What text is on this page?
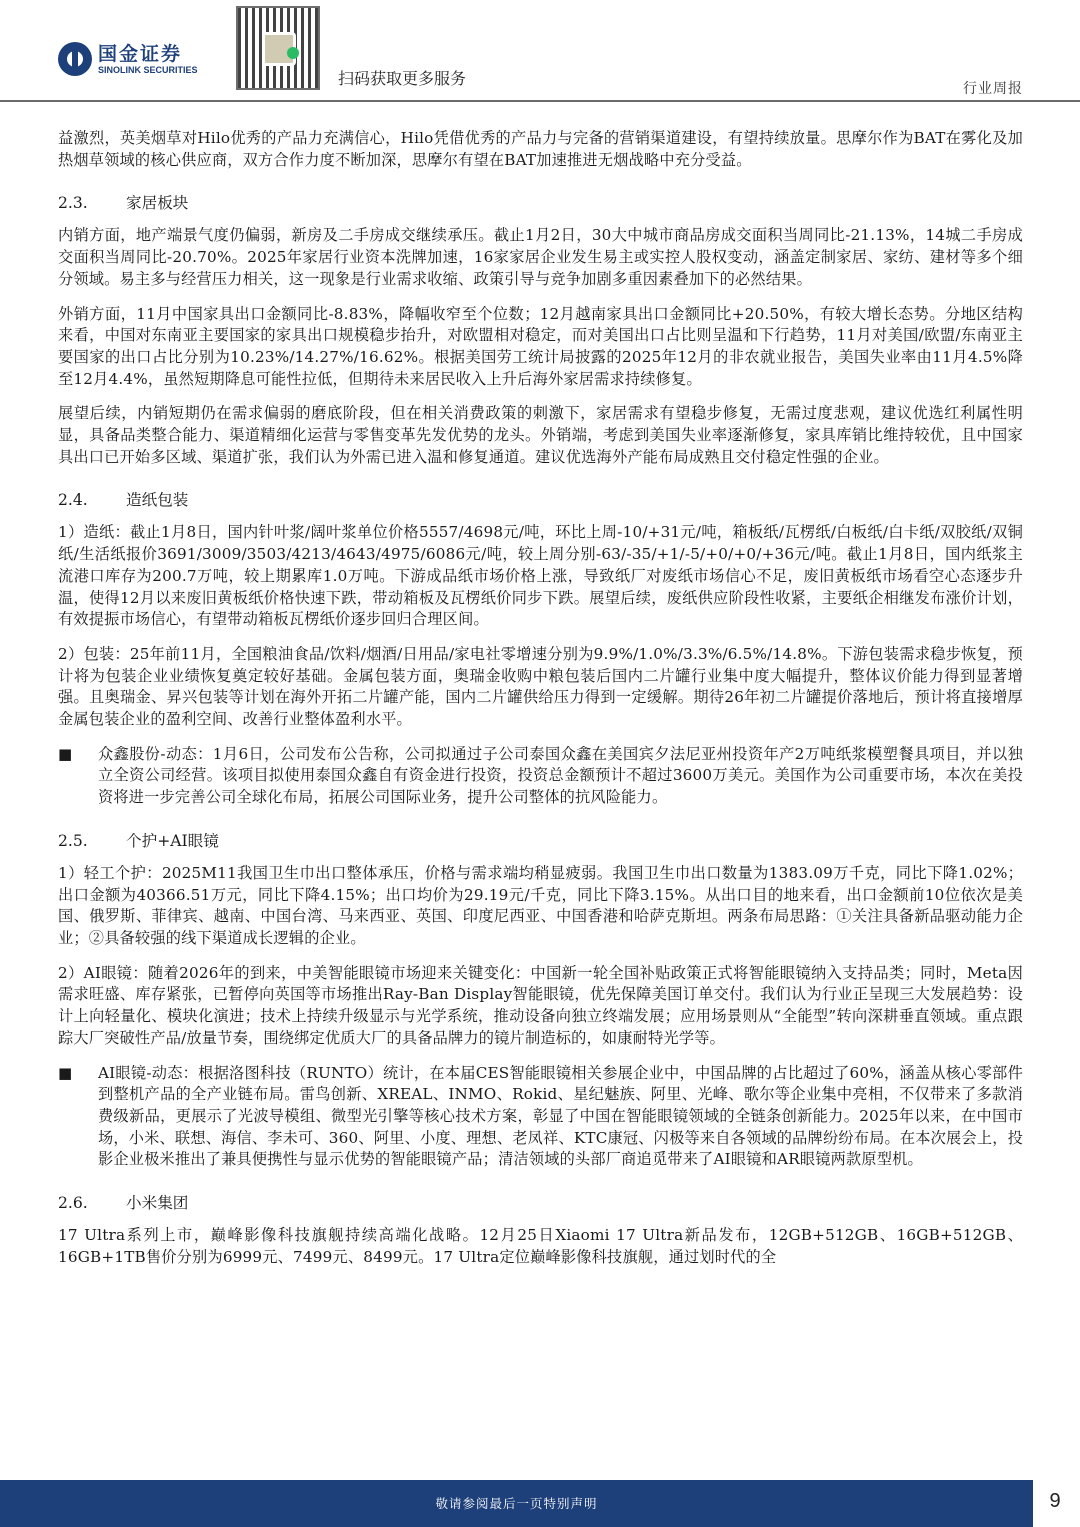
国金证券
SINOLINK SECURITIES	扫码获取更多服务
行业周报

益激烈，英美烟草对Hilo优秀的产品力充满信心，Hilo凭借优秀的产品力与完备的营销渠道建设，有望持续放量。思摩尔作为BAT在雾化及加热烟草领域的核心供应商，双方合作力度不断加深，思摩尔有望在BAT加速推进无烟战略中充分受益。

2.3.	家居板块

内销方面，地产端景气度仍偏弱，新房及二手房成交继续承压。截止1月2日，30大中城市商品房成交面积当周同比-21.13%，14城二手房成交面积当周同比-20.70%。2025年家居行业资本洗牌加速，16家家居企业发生易主或实控人股权变动，涵盖定制家居、家纺、建材等多个细分领域。易主多与经营压力相关，这一现象是行业需求收缩、政策引导与竞争加剧多重因素叠加下的必然结果。

外销方面，11月中国家具出口金额同比-8.83%，降幅收窄至个位数；12月越南家具出口金额同比+20.50%，有较大增长态势。分地区结构来看，中国对东南亚主要国家的家具出口规模稳步抬升，对欧盟相对稳定，而对美国出口占比则呈温和下行趋势，11月对美国/欧盟/东南亚主要国家的出口占比分别为10.23%/14.27%/16.62%。根据美国劳工统计局披露的2025年12月的非农就业报告，美国失业率由11月4.5%降至12月4.4%，虽然短期降息可能性拉低，但期待未来居民收入上升后海外家居需求持续修复。

展望后续，内销短期仍在需求偏弱的磨底阶段，但在相关消费政策的刺激下，家居需求有望稳步修复，无需过度悲观，建议优选红利属性明显，具备品类整合能力、渠道精细化运营与零售变革先发优势的龙头。外销端，考虑到美国失业率逐渐修复，家具库销比维持较优，且中国家具出口已开始多区域、渠道扩张，我们认为外需已进入温和修复通道。建议优选海外产能布局成熟且交付稳定性强的企业。

2.4.	造纸包装

1）造纸：截止1月8日，国内针叶浆/阔叶浆单位价格5557/4698元/吨，环比上周-10/+31元/吨，箱板纸/瓦楞纸/白板纸/白卡纸/双胶纸/双铜纸/生活纸报价3691/3009/3503/4213/4643/4975/6086元/吨，较上周分别-63/-35/+1/-5/+0/+0/+36元/吨。截止1月8日，国内纸浆主流港口库存为200.7万吨，较上期累库1.0万吨。下游成品纸市场价格上涨，导致纸厂对废纸市场信心不足，废旧黄板纸市场看空心态逐步升温，使得12月以来废旧黄板纸价格快速下跌，带动箱板及瓦楞纸价同步下跌。展望后续，废纸供应阶段性收紧，主要纸企相继发布涨价计划，有效提振市场信心，有望带动箱板瓦楞纸价逐步回归合理区间。

2）包装：25年前11月，全国粮油食品/饮料/烟酒/日用品/家电社零增速分别为9.9%/1.0%/3.3%/6.5%/14.8%。下游包装需求稳步恢复，预计将为包装企业业绩恢复奠定较好基础。金属包装方面，奥瑞金收购中粮包装后国内二片罐行业集中度大幅提升，整体议价能力得到显著增强。且奥瑞金、昇兴包装等计划在海外开拓二片罐产能，国内二片罐供给压力得到一定缓解。期待26年初二片罐提价落地后，预计将直接增厚金属包装企业的盈利空间、改善行业整体盈利水平。

■	众鑫股份-动态：1月6日，公司发布公告称，公司拟通过子公司泰国众鑫在美国宾夕法尼亚州投资年产2万吨纸浆模塑餐具项目，并以独立全资公司经营。该项目拟使用泰国众鑫自有资金进行投资，投资总金额预计不超过3600万美元。美国作为公司重要市场，本次在美投资将进一步完善公司全球化布局，拓展公司国际业务，提升公司整体的抗风险能力。

2.5.	个护+AI眼镜

1）轻工个护：2025M11我国卫生巾出口整体承压，价格与需求端均稍显疲弱。我国卫生巾出口数量为1383.09万千克，同比下降1.02%；出口金额为40366.51万元，同比下降4.15%；出口均价为29.19元/千克，同比下降3.15%。从出口目的地来看，出口金额前10位依次是美国、俄罗斯、菲律宾、越南、中国台湾、马来西亚、英国、印度尼西亚、中国香港和哈萨克斯坦。两条布局思路：①关注具备新品驱动能力企业；②具备较强的线下渠道成长逻辑的企业。

2）AI眼镜：随着2026年的到来，中美智能眼镜市场迎来关键变化：中国新一轮全国补贴政策正式将智能眼镜纳入支持品类；同时，Meta因需求旺盛、库存紧张，已暂停向英国等市场推出Ray-Ban Display智能眼镜，优先保障美国订单交付。我们认为行业正呈现三大发展趋势：设计上向轻量化、模块化演进；技术上持续升级显示与光学系统，推动设备向独立终端发展；应用场景则从“全能型”转向深耕垂直领域。重点跟踪大厂突破性产品/放量节奏，围绕绑定优质大厂的具备品牌力的镜片制造标的，如康耐特光学等。

■	AI眼镜-动态：根据洛图科技（RUNTO）统计，在本届CES智能眼镜相关参展企业中，中国品牌的占比超过了60%，涵盖从核心零部件到整机产品的全产业链布局。雷鸟创新、XREAL、INMO、Rokid、星纪魅族、阿里、光峰、歌尔等企业集中亮相，不仅带来了多款消费级新品，更展示了光波导模组、微型光引擎等核心技术方案，彰显了中国在智能眼镜领域的全链条创新能力。2025年以来，在中国市场，小米、联想、海信、李未可、360、阿里、小度、理想、老凤祥、KTC康冠、闪极等来自各领域的品牌纷纷布局。在本次展会上，投影企业极米推出了兼具便携性与显示优势的智能眼镜产品；清洁领域的头部厂商追觅带来了AI眼镜和AR眼镜两款原型机。

2.6.	小米集团

17 Ultra系列上市，巅峰影像科技旗舰持续高端化战略。12月25日Xiaomi 17 Ultra新品发布，12GB+512GB、16GB+512GB、16GB+1TB售价分别为6999元、7499元、8499元。17 Ultra定位巅峰影像科技旗舰，通过划时代的全

敬请参阅最后一页特别声明	9
